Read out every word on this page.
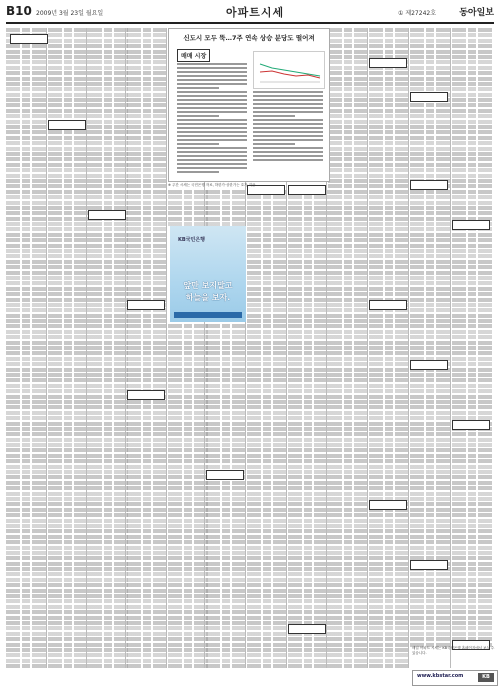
B10 2009년 3월 23일 월요일	아파트시세	① 제27242호	동아일보
신도시 모두 뚝…7주 연속 상승 분당도 떨어져
매매 시장
※ 주간 시세는 국민은행 자료, 하한가·상한가는 호가 기준
KB국민은행
앞만 보지말고
하늘을 보자.
매입 아파트 시세는 KB국민은행 홈페이지에서 보실 수 있습니다.
www.kbstar.com	KB
